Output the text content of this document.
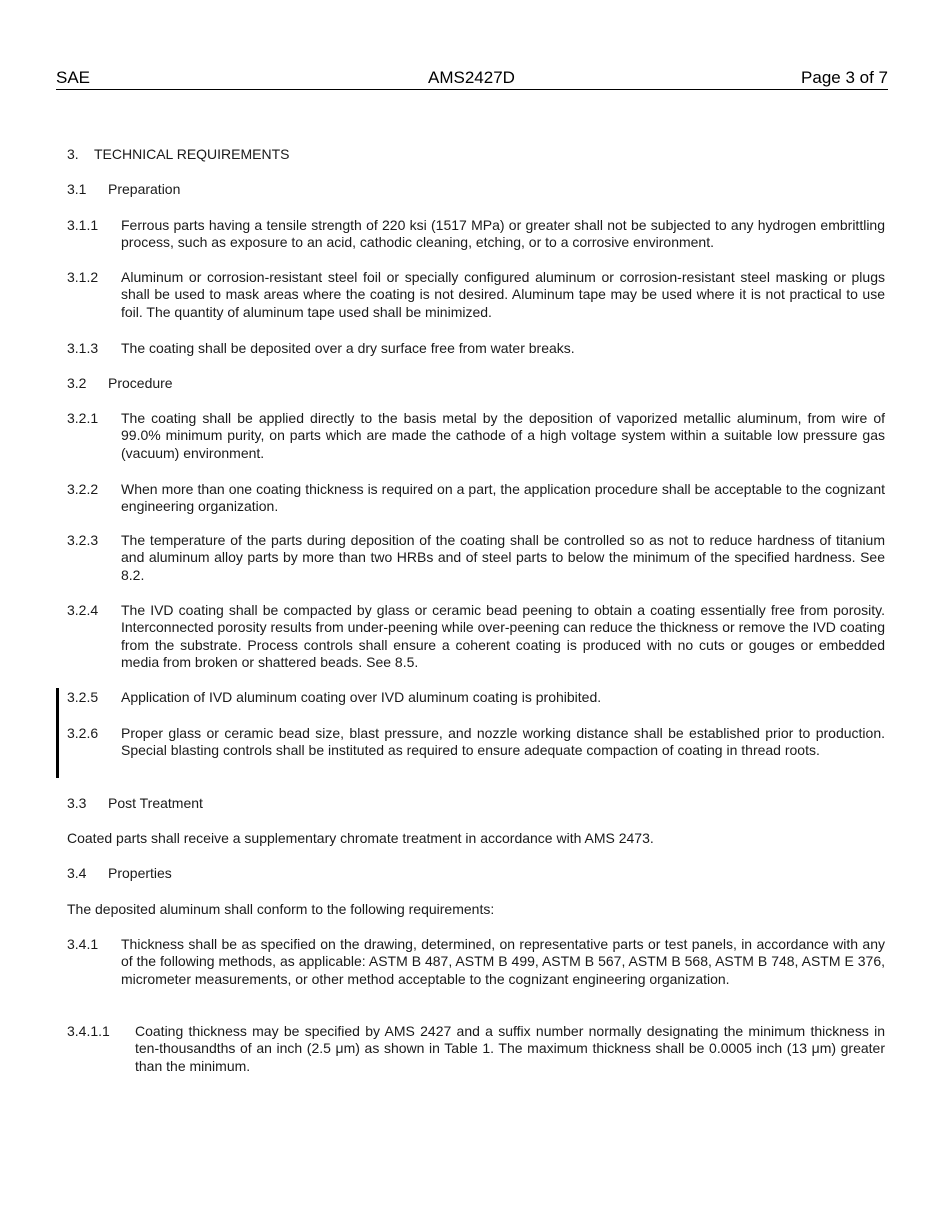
SAE	AMS2427D	Page 3 of 7
3. TECHNICAL REQUIREMENTS
3.1 Preparation
3.1.1	Ferrous parts having a tensile strength of 220 ksi (1517 MPa) or greater shall not be subjected to any hydrogen embrittling process, such as exposure to an acid, cathodic cleaning, etching, or to a corrosive environment.
3.1.2	Aluminum or corrosion-resistant steel foil or specially configured aluminum or corrosion-resistant steel masking or plugs shall be used to mask areas where the coating is not desired. Aluminum tape may be used where it is not practical to use foil. The quantity of aluminum tape used shall be minimized.
3.1.3	The coating shall be deposited over a dry surface free from water breaks.
3.2 Procedure
3.2.1	The coating shall be applied directly to the basis metal by the deposition of vaporized metallic aluminum, from wire of 99.0% minimum purity, on parts which are made the cathode of a high voltage system within a suitable low pressure gas (vacuum) environment.
3.2.2	When more than one coating thickness is required on a part, the application procedure shall be acceptable to the cognizant engineering organization.
3.2.3	The temperature of the parts during deposition of the coating shall be controlled so as not to reduce hardness of titanium and aluminum alloy parts by more than two HRBs and of steel parts to below the minimum of the specified hardness. See 8.2.
3.2.4	The IVD coating shall be compacted by glass or ceramic bead peening to obtain a coating essentially free from porosity. Interconnected porosity results from under-peening while over-peening can reduce the thickness or remove the IVD coating from the substrate. Process controls shall ensure a coherent coating is produced with no cuts or gouges or embedded media from broken or shattered beads. See 8.5.
3.2.5	Application of IVD aluminum coating over IVD aluminum coating is prohibited.
3.2.6	Proper glass or ceramic bead size, blast pressure, and nozzle working distance shall be established prior to production. Special blasting controls shall be instituted as required to ensure adequate compaction of coating in thread roots.
3.3 Post Treatment
Coated parts shall receive a supplementary chromate treatment in accordance with AMS 2473.
3.4 Properties
The deposited aluminum shall conform to the following requirements:
3.4.1	Thickness shall be as specified on the drawing, determined, on representative parts or test panels, in accordance with any of the following methods, as applicable: ASTM B 487, ASTM B 499, ASTM B 567, ASTM B 568, ASTM B 748, ASTM E 376, micrometer measurements, or other method acceptable to the cognizant engineering organization.
3.4.1.1	Coating thickness may be specified by AMS 2427 and a suffix number normally designating the minimum thickness in ten-thousandths of an inch (2.5 μm) as shown in Table 1. The maximum thickness shall be 0.0005 inch (13 μm) greater than the minimum.
